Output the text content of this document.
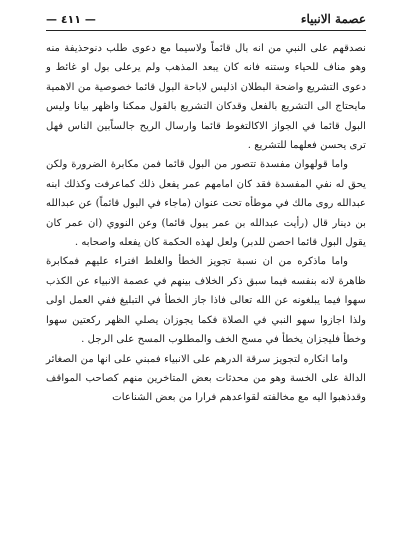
— ٤١١ —	عصمة الانبياء

نصدقهم على النبي من انه بال قائماً ولاسيما مع دعوى طلب دنوحذيفة منه وهو مناف للحياء وستنه فانه كان يبعد المذهب ولم يرعلى بول او غائط و دعوى التشريع واضحة البطلان اذليس لاباحة البول قائما خصوصية من الاهمية مايحتاج الى التشريع بالفعل وقدكان التشريع بالقول ممكنا واظهر بيانا وليس البول قائما في الجواز الاكالتغوط قائما وارسال الريح جالساًبين الناس فهل ترى يحسن فعلهما للتشريع .

واما قولهوان مفسدة تتصور من البول قائما فمن مكابرة الضرورة ولكن يحق له نفي المفسدة فقد كان امامهم عمر يفعل ذلك كماعرفت وكذلك ابنه عبدالله روى مالك في موطأه تحت عنوان (ماجاء في البول قائماً) عن عبدالله بن دينار قال (رأيت عبدالله بن عمر يبول قائما) وعن النووي (ان عمر كان يقول البول قائما احصن للدبر) ولعل لهذه الحكمة كان يفعله واصحابه .

واما ماذكره من ان نسبة تجويز الخطأ والغلط افتراء عليهم فمكابرة ظاهرة لانه بنفسه فيما سبق ذكر الخلاف بينهم في عصمة الانبياء عن الكذب سهوا فيما يبلغونه عن الله تعالى فاذا جاز الخطأ في التبليغ ففي العمل اولى ولذا اجازوا سهو النبي في الصلاة فكما يجوزان يصلي الظهر ركعتين سهوا وخطأ فليجزان يخطأ في مسح الخف والمطلوب المسح على الرجل .

واما انكاره لتجويز سرقة الدرهم على الانبياء فمبني على انها من الصغائر الدالة على الخسة وهو من محدثات بعض المتاخرين منهم كصاحب المواقف وقدذهبوا اليه مع مخالفته لقواعدهم فرارا من بعض الشناعات
